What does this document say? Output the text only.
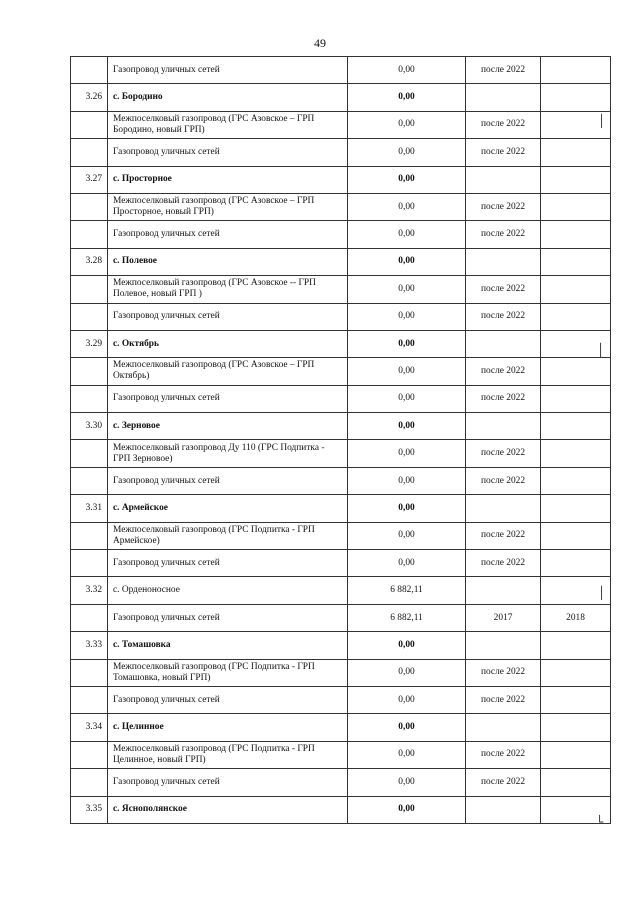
49
	Газопровод уличных сетей	0,00	после 2022	
3.26	с. Бородино	0,00		
	Межпоселковый газопровод (ГРС Азовское – ГРП Бородино, новый ГРП)	0,00	после 2022	
	Газопровод уличных сетей	0,00	после 2022	
3.27	с. Просторное	0,00		
	Межпоселковый газопровод (ГРС Азовское – ГРП Просторное, новый ГРП)	0,00	после 2022	
	Газопровод уличных сетей	0,00	после 2022	
3.28	с. Полевое	0,00		
	Межпоселковый газопровод (ГРС Азовское -- ГРП Полевое, новый ГРП )	0,00	после 2022	
	Газопровод уличных сетей	0,00	после 2022	
3.29	с. Октябрь	0,00		
	Межпоселковый газопровод (ГРС Азовское – ГРП Октябрь)	0,00	после 2022	
	Газопровод уличных сетей	0,00	после 2022	
3.30	с. Зерновое	0,00		
	Межпоселковый газопровод Ду 110 (ГРС Подпитка - ГРП Зерновое)	0,00	после 2022	
	Газопровод уличных сетей	0,00	после 2022	
3.31	с. Армейское	0,00		
	Межпоселковый газопровод (ГРС Подпитка - ГРП Армейское)	0,00	после 2022	
	Газопровод уличных сетей	0,00	после 2022	
3.32	с. Орденоносное	6 882,11		
	Газопровод уличных сетей	6 882,11	2017	2018
3.33	с. Томашовка	0,00		
	Межпоселковый газопровод (ГРС Подпитка - ГРП Томашовка, новый ГРП)	0,00	после 2022	
	Газопровод уличных сетей	0,00	после 2022	
3.34	с. Целинное	0,00		
	Межпоселковый газопровод (ГРС Подпитка - ГРП Целинное, новый ГРП)	0,00	после 2022	
	Газопровод уличных сетей	0,00	после 2022	
3.35	с. Яснополянское	0,00		
│
│
│
└
